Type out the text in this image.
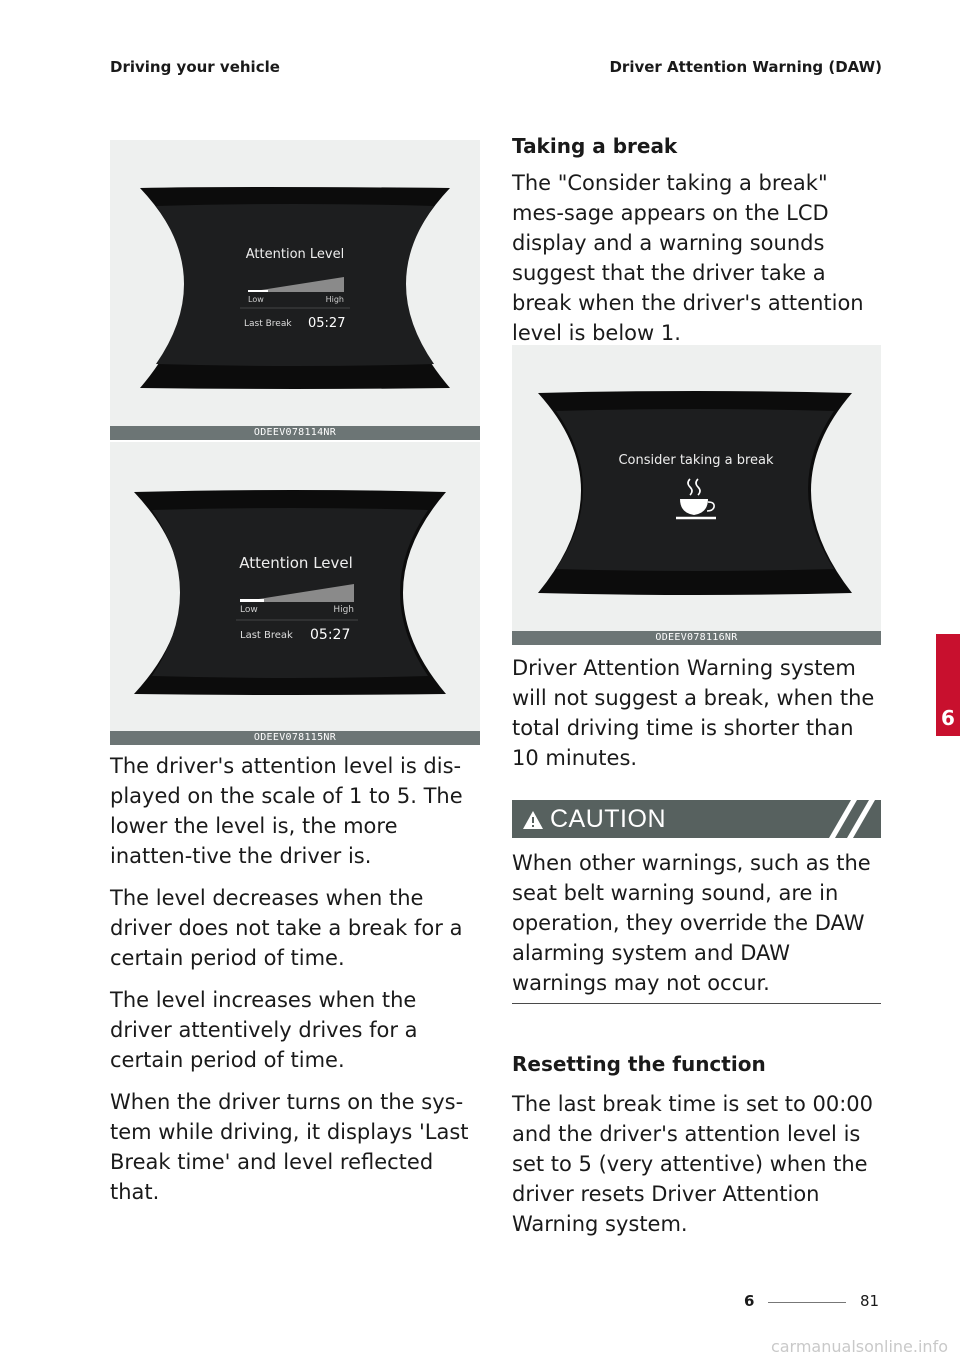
Driving your vehicle	Driver Attention Warning (DAW)
Attention Level
Low	High
Last Break 05:27
ODEEV078114NR
Attention Level
Low	High
Last Break 05:27
ODEEV078115NR

The driver's attention level is dis-played on the scale of 1 to 5. The lower the level is, the more inatten-tive the driver is.

The level decreases when the driver does not take a break for a certain period of time.

The level increases when the driver attentively drives for a certain period of time.

When the driver turns on the sys-tem while driving, it displays 'Last Break time' and level reflected that.

Taking a break

The "Consider taking a break" mes-sage appears on the LCD display and a warning sounds suggest that the driver take a break when the driver's attention level is below 1.

Consider taking a break
ODEEV078116NR

Driver Attention Warning system will not suggest a break, when the total driving time is shorter than 10 minutes.

CAUTION

When other warnings, such as the seat belt warning sound, are in operation, they override the DAW alarming system and DAW warnings may not occur.

Resetting the function

The last break time is set to 00:00 and the driver's attention level is set to 5 (very attentive) when the driver resets Driver Attention Warning system.

6
6	81
carmanualsonline.info
